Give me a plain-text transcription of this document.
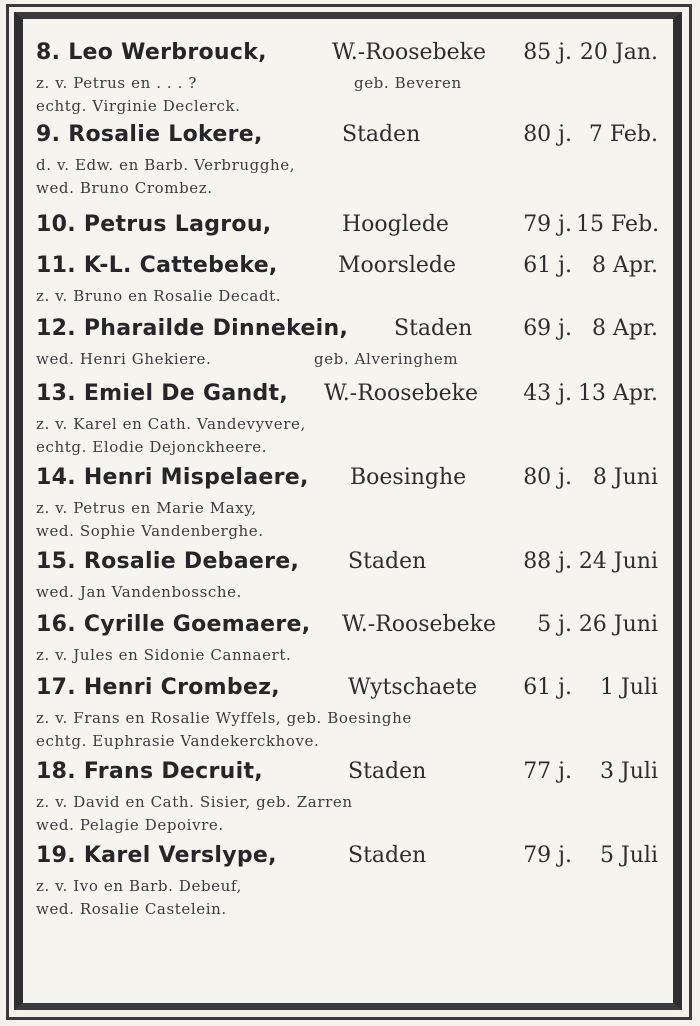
8. Leo Werbrouck,	W.-Roosebeke	85 j. 20 Jan.
z. v. Petrus en . . . ?	geb. Beveren
echtg. Virginie Declerck.
9. Rosalie Lokere,	Staden	80 j. 7 Feb.
d. v. Edw. en Barb. Verbrugghe,
wed. Bruno Crombez.
10. Petrus Lagrou,	Hooglede	79 j. 15 Feb.
11. K-L. Cattebeke,	Moorslede	61 j. 8 Apr.
z. v. Bruno en Rosalie Decadt.
12. Pharailde Dinnekein, Staden	69 j. 8 Apr.
wed. Henri Ghekiere.	geb. Alveringhem
13. Emiel De Gandt, W.-Roosebeke	43 j. 13 Apr.
z. v. Karel en Cath. Vandevyvere,
echtg. Elodie Dejonckheere.
14. Henri Mispelaere, Boesinghe	80 j. 8 Juni
z. v. Petrus en Marie Maxy,
wed. Sophie Vandenberghe.
15. Rosalie Debaere, Staden	88 j. 24 Juni
wed. Jan Vandenbossche.
16. Cyrille Goemaere, W.-Roosebeke	5 j. 26 Juni
z. v. Jules en Sidonie Cannaert.
17. Henri Crombez,	Wytschaete	61 j.	1 Juli
z. v. Frans en Rosalie Wyffels, geb. Boesinghe
echtg. Euphrasie Vandekerckhove.
18. Frans Decruit,	Staden	77 j.	3 Juli
z. v. David en Cath. Sisier, geb. Zarren
wed. Pelagie Depoivre.
19. Karel Verslype,	Staden	79 j.	5 Juli
z. v. Ivo en Barb. Debeuf,
wed. Rosalie Castelein.
